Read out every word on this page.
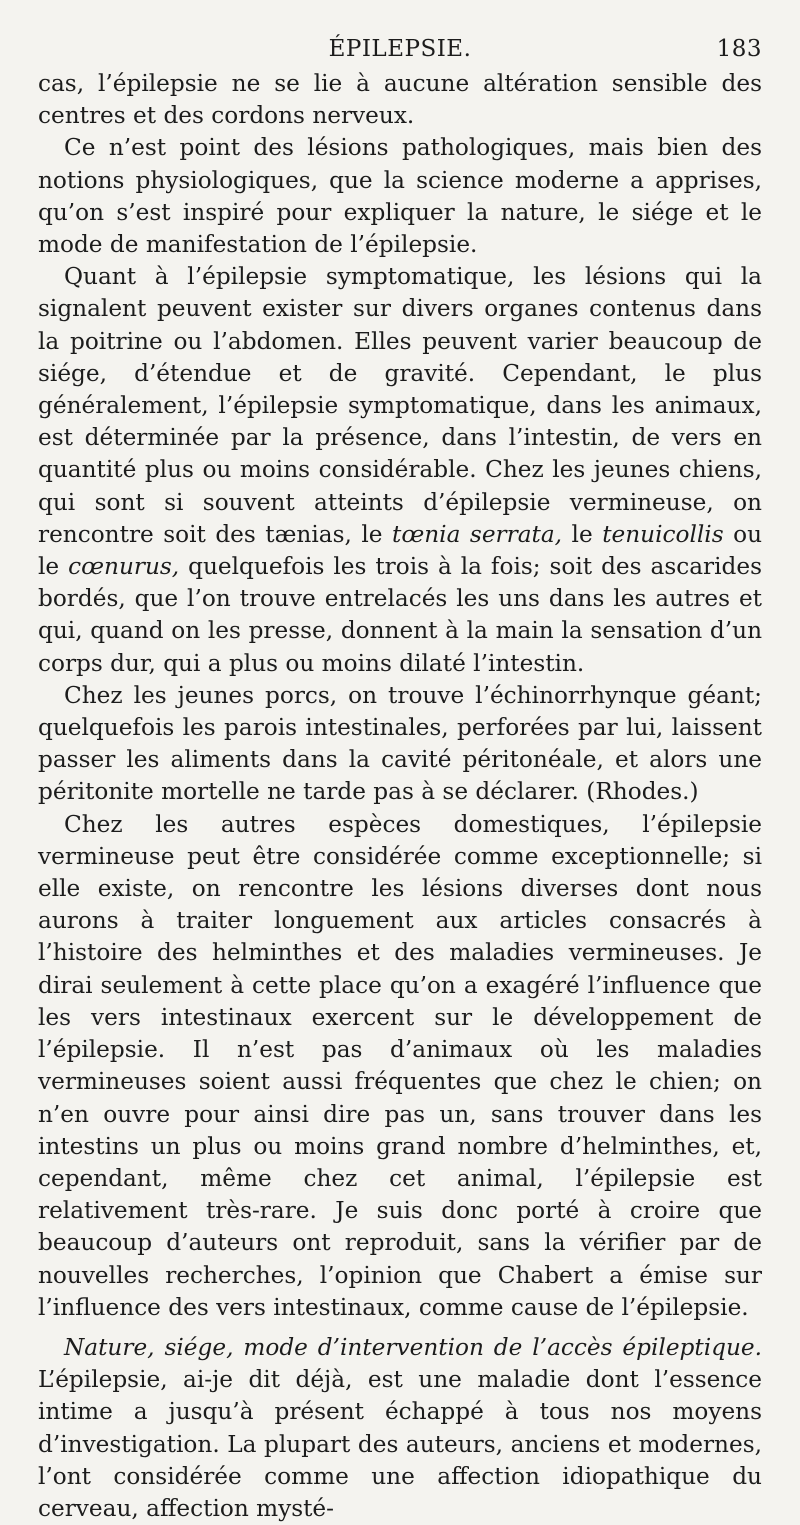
ÉPILEPSIE.	183

cas, l’épilepsie ne se lie à aucune altération sensible des centres et des cordons nerveux.

Ce n’est point des lésions pathologiques, mais bien des notions physiologiques, que la science moderne a apprises, qu’on s’est inspiré pour expliquer la nature, le siége et le mode de manifestation de l’épilepsie.

Quant à l’épilepsie symptomatique, les lésions qui la signalent peuvent exister sur divers organes contenus dans la poitrine ou l’abdomen. Elles peuvent varier beaucoup de siége, d’étendue et de gravité. Cependant, le plus généralement, l’épilepsie symptomatique, dans les animaux, est déterminée par la présence, dans l’intestin, de vers en quantité plus ou moins considérable. Chez les jeunes chiens, qui sont si souvent atteints d’épilepsie vermineuse, on rencontre soit des tænias, le tœnia serrata, le tenuicollis ou le cœnurus, quelquefois les trois à la fois; soit des ascarides bordés, que l’on trouve entrelacés les uns dans les autres et qui, quand on les presse, donnent à la main la sensation d’un corps dur, qui a plus ou moins dilaté l’intestin.

Chez les jeunes porcs, on trouve l’échinorrhynque géant; quelquefois les parois intestinales, perforées par lui, laissent passer les aliments dans la cavité péritonéale, et alors une péritonite mortelle ne tarde pas à se déclarer. (Rhodes.)

Chez les autres espèces domestiques, l’épilepsie vermineuse peut être considérée comme exceptionnelle; si elle existe, on rencontre les lésions diverses dont nous aurons à traiter longuement aux articles consacrés à l’histoire des helminthes et des maladies vermineuses. Je dirai seulement à cette place qu’on a exagéré l’influence que les vers intestinaux exercent sur le développement de l’épilepsie. Il n’est pas d’animaux où les maladies vermineuses soient aussi fréquentes que chez le chien; on n’en ouvre pour ainsi dire pas un, sans trouver dans les intestins un plus ou moins grand nombre d’helminthes, et, cependant, même chez cet animal, l’épilepsie est relativement très-rare. Je suis donc porté à croire que beaucoup d’auteurs ont reproduit, sans la vérifier par de nouvelles recherches, l’opinion que Chabert a émise sur l’influence des vers intestinaux, comme cause de l’épilepsie.

Nature, siége, mode d’intervention de l’accès épileptique. L’épilepsie, ai-je dit déjà, est une maladie dont l’essence intime a jusqu’à présent échappé à tous nos moyens d’investigation. La plupart des auteurs, anciens et modernes, l’ont considérée comme une affection idiopathique du cerveau, affection mysté-
